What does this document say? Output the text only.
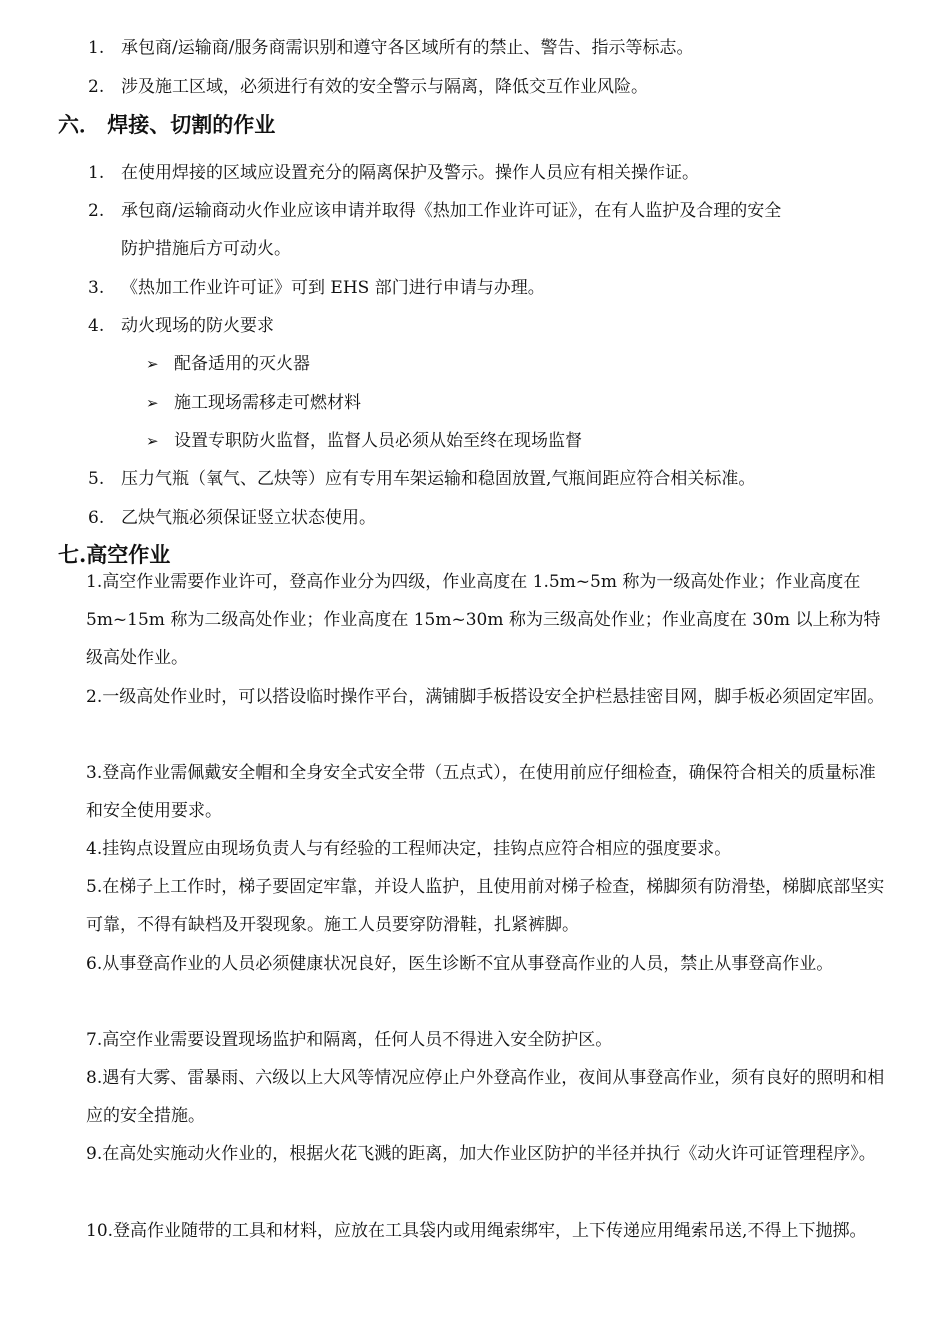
1. 承包商/运输商/服务商需识别和遵守各区域所有的禁止、警告、指示等标志。
2. 涉及施工区域，必须进行有效的安全警示与隔离，降低交互作业风险。
六． 焊接、切割的作业
1. 在使用焊接的区域应设置充分的隔离保护及警示。操作人员应有相关操作证。
2. 承包商/运输商动火作业应该申请并取得《热加工作业许可证》，在有人监护及合理的安全
防护措施后方可动火。
3. 《热加工作业许可证》可到 EHS 部门进行申请与办理。
4. 动火现场的防火要求
➢ 配备适用的灭火器
➢ 施工现场需移走可燃材料
➢ 设置专职防火监督，监督人员必须从始至终在现场监督
5. 压力气瓶（氧气、乙炔等）应有专用车架运输和稳固放置,气瓶间距应符合相关标准。
6. 乙炔气瓶必须保证竖立状态使用。
七.高空作业
1.高空作业需要作业许可，登高作业分为四级，作业高度在 1.5m~5m 称为一级高处作业；作业高度在 5m~15m 称为二级高处作业；作业高度在 15m~30m 称为三级高处作业；作业高度在 30m 以上称为特级高处作业。
2.一级高处作业时，可以搭设临时操作平台，满铺脚手板搭设安全护栏悬挂密目网，脚手板必须固定牢固。
3.登高作业需佩戴安全帽和全身安全式安全带（五点式），在使用前应仔细检查，确保符合相关的质量标准和安全使用要求。
4.挂钩点设置应由现场负责人与有经验的工程师决定，挂钩点应符合相应的强度要求。
5.在梯子上工作时，梯子要固定牢靠，并设人监护，且使用前对梯子检查，梯脚须有防滑垫，梯脚底部坚实可靠，不得有缺档及开裂现象。施工人员要穿防滑鞋，扎紧裤脚。
6.从事登高作业的人员必须健康状况良好，医生诊断不宜从事登高作业的人员，禁止从事登高作业。
7.高空作业需要设置现场监护和隔离，任何人员不得进入安全防护区。
8.遇有大雾、雷暴雨、六级以上大风等情况应停止户外登高作业，夜间从事登高作业，须有良好的照明和相应的安全措施。
9.在高处实施动火作业的，根据火花飞溅的距离，加大作业区防护的半径并执行《动火许可证管理程序》。
10.登高作业随带的工具和材料，应放在工具袋内或用绳索绑牢，上下传递应用绳索吊送,不得上下抛掷。
